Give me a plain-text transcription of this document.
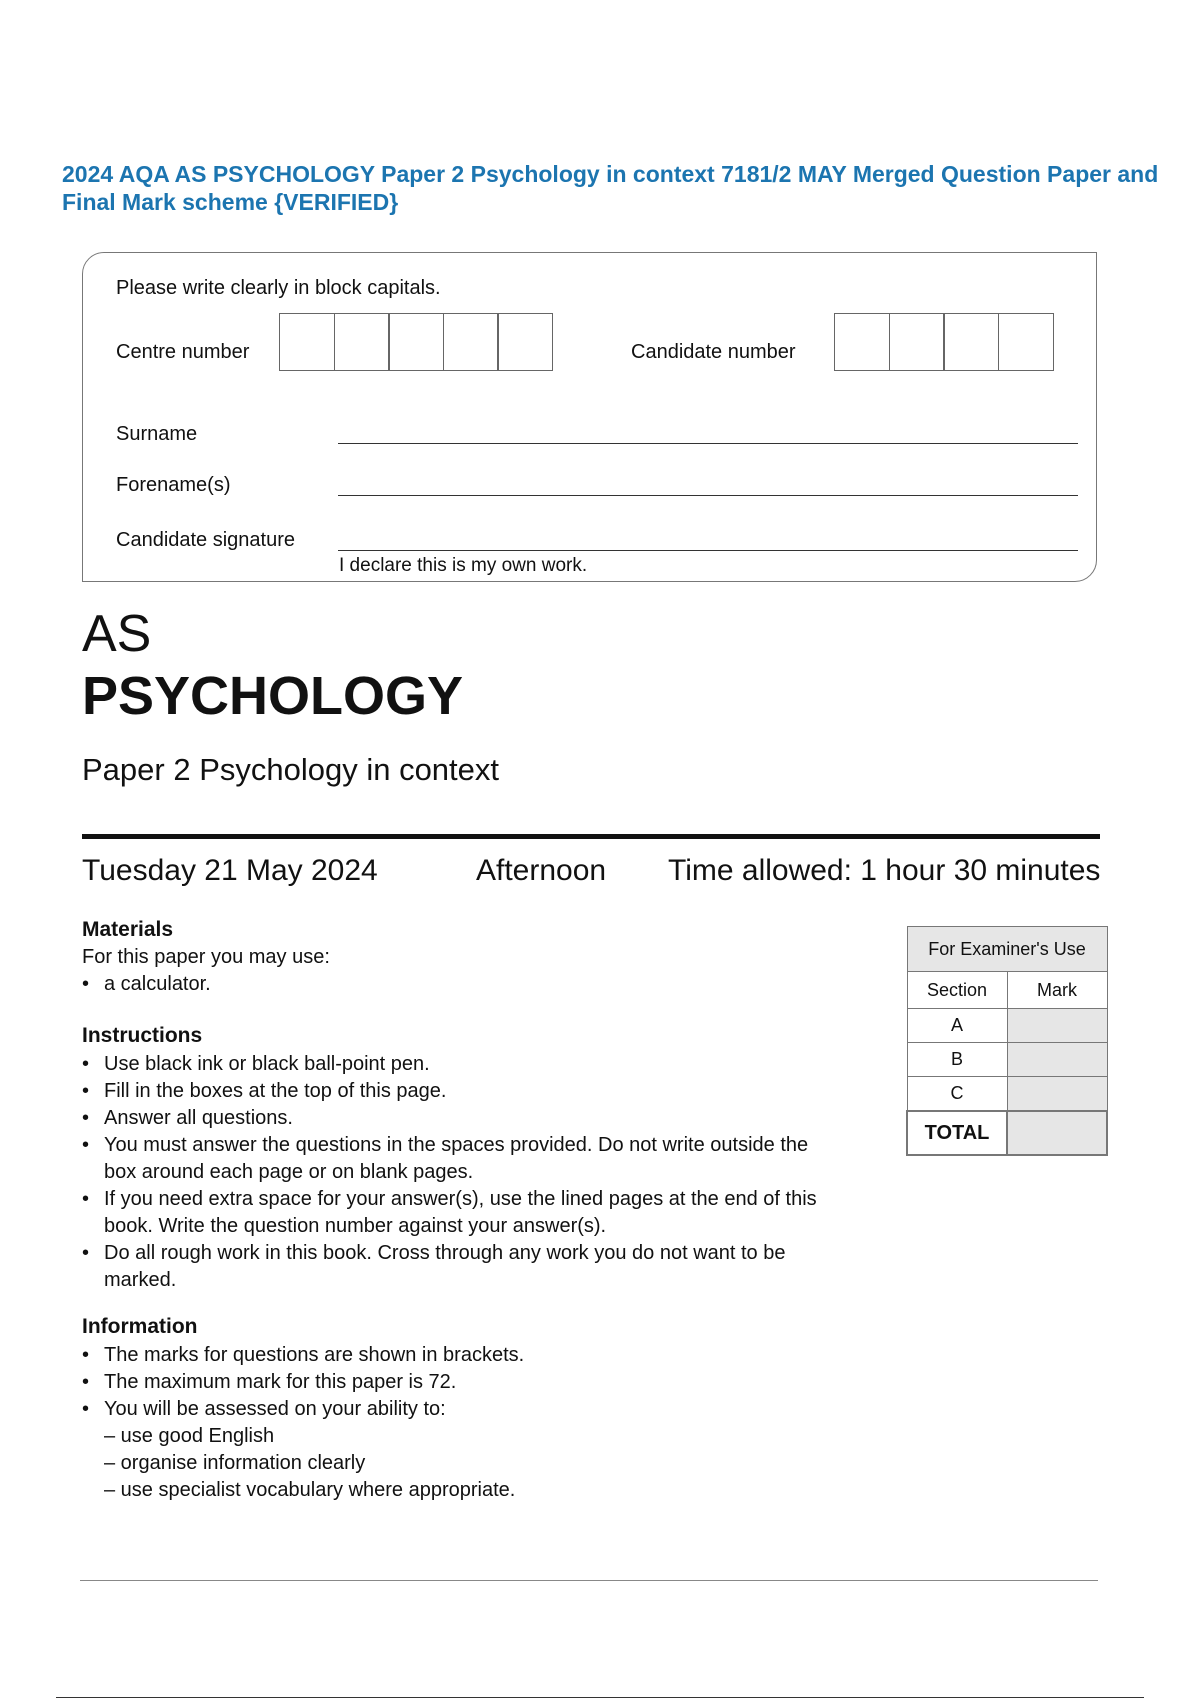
2024 AQA AS PSYCHOLOGY Paper 2 Psychology in context 7181/2 MAY Merged Question Paper and Final Mark scheme {VERIFIED}
Please write clearly in block capitals.
Centre number	Candidate number
Surname
Forename(s)
Candidate signature
I declare this is my own work.
AS
PSYCHOLOGY
Paper 2 Psychology in context
Tuesday 21 May 2024	Afternoon Time allowed: 1 hour 30 minutes
Materials
For this paper you may use:
• a calculator.
Instructions
• Use black ink or black ball-point pen.
• Fill in the boxes at the top of this page.
• Answer all questions.
• You must answer the questions in the spaces provided. Do not write outside the box around each page or on blank pages.
• If you need extra space for your answer(s), use the lined pages at the end of this book. Write the question number against your answer(s).
• Do all rough work in this book. Cross through any work you do not want to be marked.
Information
• The marks for questions are shown in brackets.
• The maximum mark for this paper is 72.
• You will be assessed on your ability to:
– use good English
– organise information clearly
– use specialist vocabulary where appropriate.
For Examiner's Use	
Section	Mark
A	
B	
C	
TOTAL	
